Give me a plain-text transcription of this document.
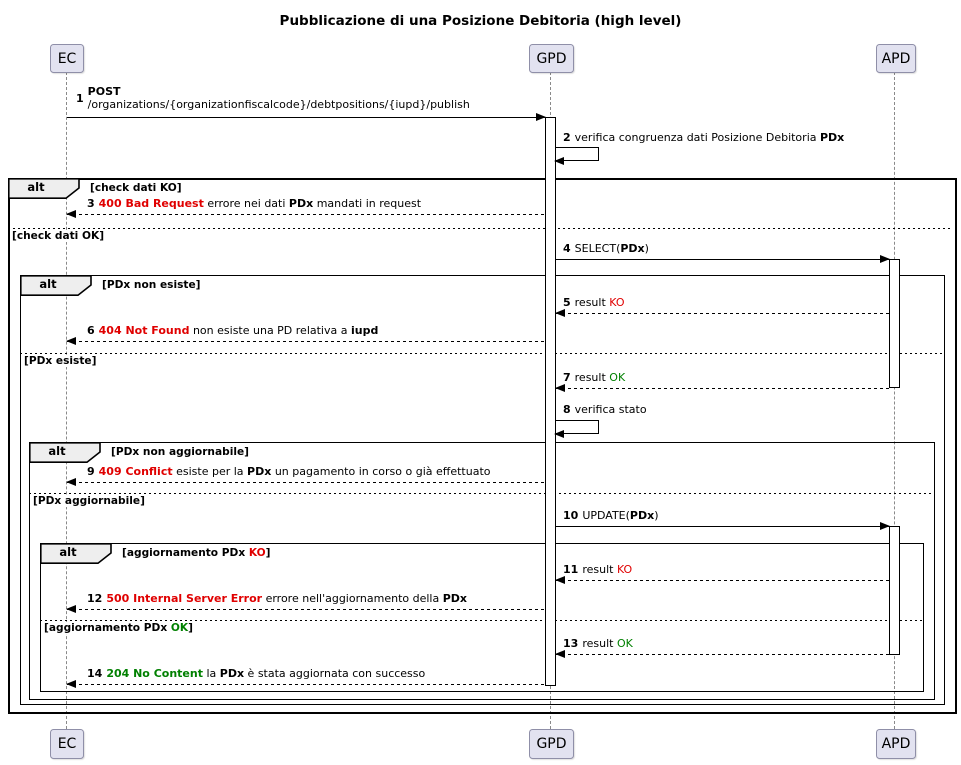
Pubblicazione di una Posizione Debitoria (high level)
EC	GPD	APD
EC	GPD	APD
alt	[check dati KO]
[check dati OK]
alt	[PDx non esiste]
[PDx esiste]
alt	[PDx non aggiornabile]
[PDx aggiornabile]
alt	[aggiornamento PDx KO]
[aggiornamento PDx OK]
1 POST
/organizations/{organizationfiscalcode}/debtpositions/{iupd}/publish
2 verifica congruenza dati Posizione Debitoria PDx
3 400 Bad Request errore nei dati PDx mandati in request
4 SELECT(PDx)
5 result KO
6 404 Not Found non esiste una PD relativa a iupd
7 result OK
8 verifica stato
9 409 Conflict esiste per la PDx un pagamento in corso o già effettuato
10 UPDATE(PDx)
11 result KO
12 500 Internal Server Error errore nell'aggiornamento della PDx
13 result OK
14 204 No Content la PDx è stata aggiornata con successo
